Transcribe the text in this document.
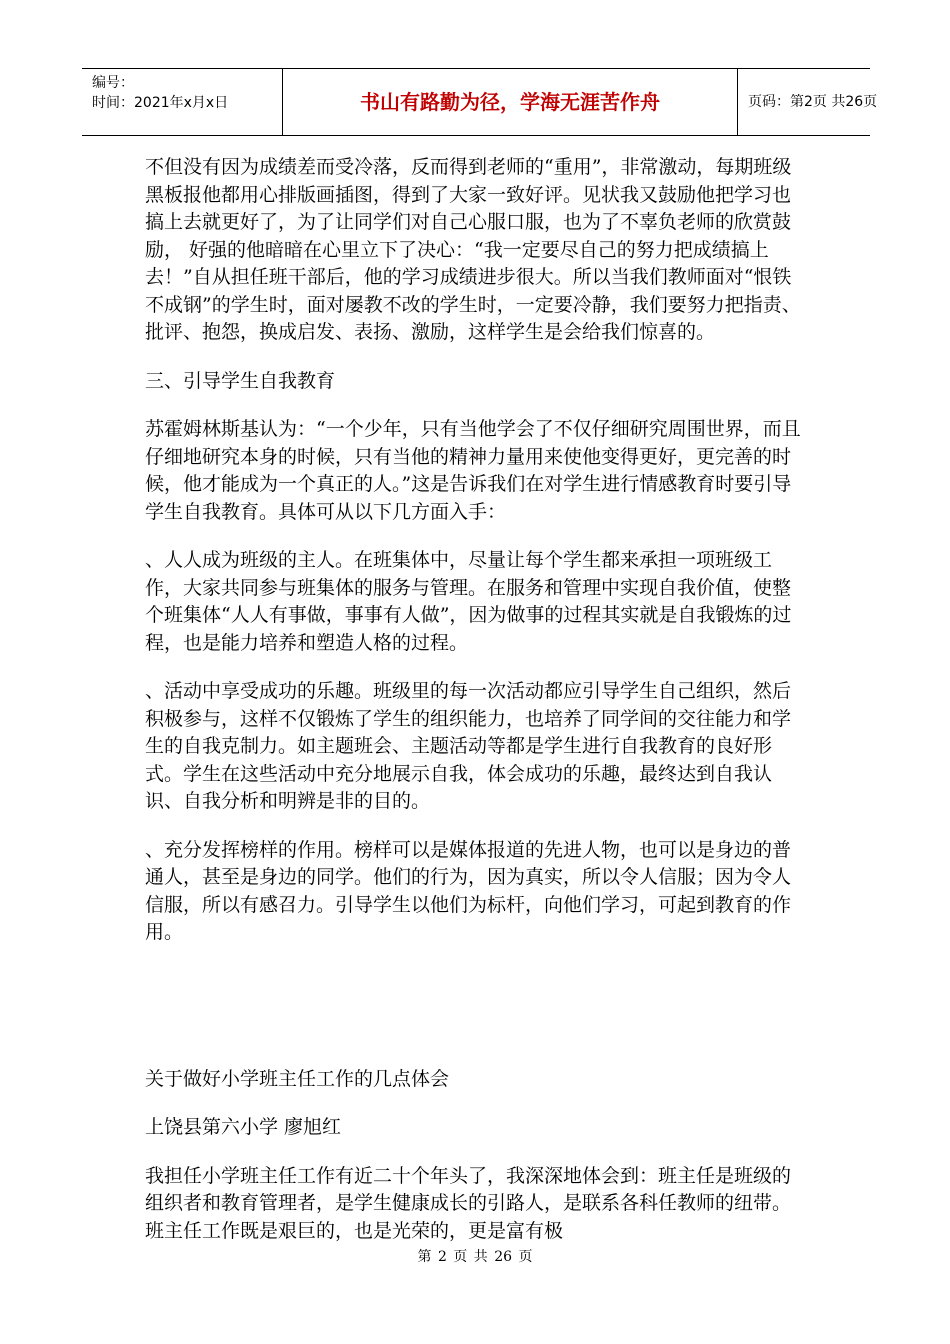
编号：
时间：2021年x月x日	书山有路勤为径，学海无涯苦作舟	页码：第2页 共26页

不但没有因为成绩差而受冷落，反而得到老师的“重用”，非常激动，每期班级黑板报他都用心排版画插图，得到了大家一致好评。见状我又鼓励他把学习也搞上去就更好了，为了让同学们对自己心服口服，也为了不辜负老师的欣赏鼓励， 好强的他暗暗在心里立下了决心：“我一定要尽自己的努力把成绩搞上去！”自从担任班干部后，他的学习成绩进步很大。所以当我们教师面对“恨铁不成钢”的学生时，面对屡教不改的学生时，一定要冷静，我们要努力把指责、批评、抱怨，换成启发、表扬、激励，这样学生是会给我们惊喜的。

三、引导学生自我教育

苏霍姆林斯基认为：“一个少年，只有当他学会了不仅仔细研究周围世界，而且仔细地研究本身的时候，只有当他的精神力量用来使他变得更好，更完善的时候，他才能成为一个真正的人。”这是告诉我们在对学生进行情感教育时要引导学生自我教育。具体可从以下几方面入手：

、人人成为班级的主人。在班集体中，尽量让每个学生都来承担一项班级工作，大家共同参与班集体的服务与管理。在服务和管理中实现自我价值，使整个班集体“人人有事做，事事有人做”，因为做事的过程其实就是自我锻炼的过程，也是能力培养和塑造人格的过程。

、活动中享受成功的乐趣。班级里的每一次活动都应引导学生自己组织，然后积极参与，这样不仅锻炼了学生的组织能力，也培养了同学间的交往能力和学生的自我克制力。如主题班会、主题活动等都是学生进行自我教育的良好形式。学生在这些活动中充分地展示自我，体会成功的乐趣，最终达到自我认识、自我分析和明辨是非的目的。

、充分发挥榜样的作用。榜样可以是媒体报道的先进人物，也可以是身边的普通人，甚至是身边的同学。他们的行为，因为真实，所以令人信服；因为令人信服，所以有感召力。引导学生以他们为标杆，向他们学习，可起到教育的作用。

关于做好小学班主任工作的几点体会

上饶县第六小学 廖旭红

我担任小学班主任工作有近二十个年头了，我深深地体会到：班主任是班级的组织者和教育管理者，是学生健康成长的引路人，是联系各科任教师的纽带。班主任工作既是艰巨的，也是光荣的，更是富有极

第 2 页 共 26 页
